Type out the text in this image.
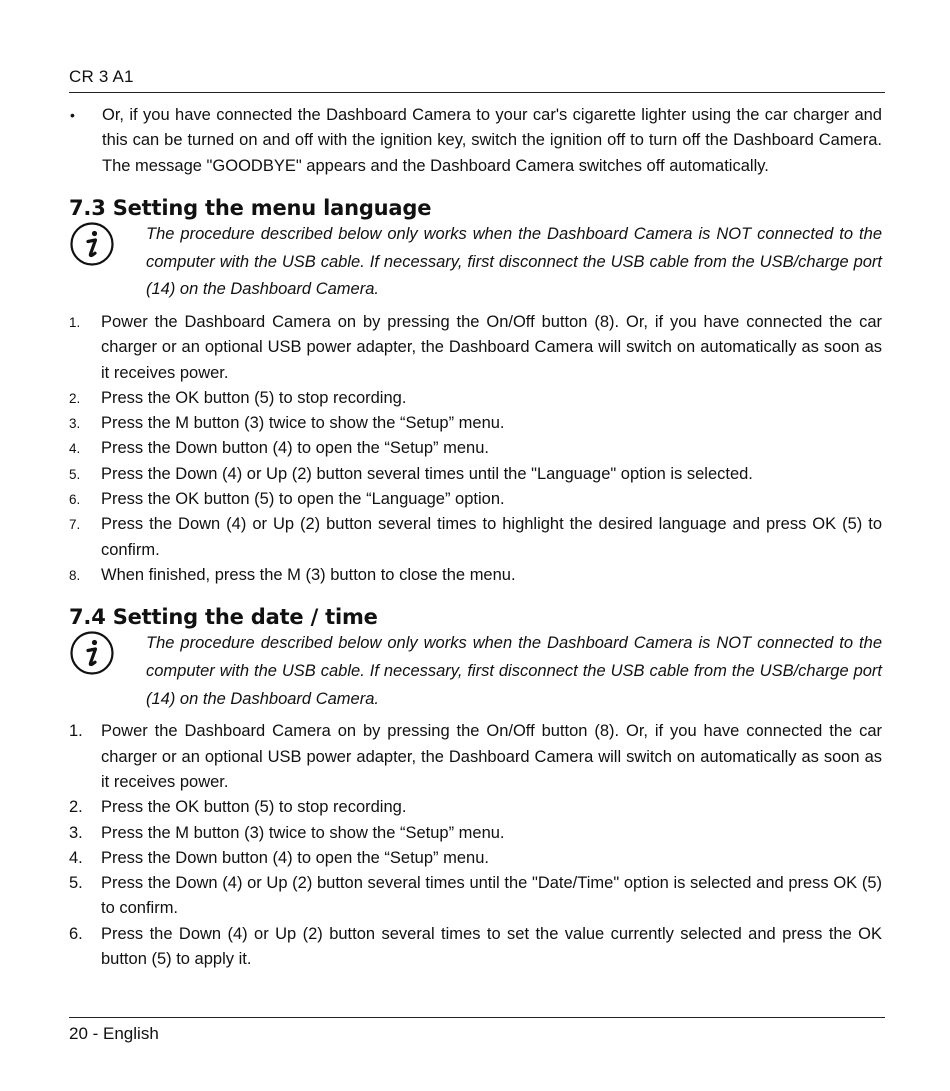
CR 3 A1
•	Or, if you have connected the Dashboard Camera to your car's cigarette lighter using the car charger and this can be turned on and off with the ignition key, switch the ignition off to turn off the Dashboard Camera. The message "GOODBYE" appears and the Dashboard Camera switches off automatically.
7.3 Setting the menu language
The procedure described below only works when the Dashboard Camera is NOT connected to the computer with the USB cable. If necessary, first disconnect the USB cable from the USB/charge port (14) on the Dashboard Camera.
1.	Power the Dashboard Camera on by pressing the On/Off button (8). Or, if you have connected the car charger or an optional USB power adapter, the Dashboard Camera will switch on automatically as soon as it receives power.
2.	Press the OK button (5) to stop recording.
3.	Press the M button (3) twice to show the “Setup” menu.
4.	Press the Down button (4) to open the “Setup” menu.
5.	Press the Down (4) or Up (2) button several times until the "Language" option is selected.
6.	Press the OK button (5) to open the “Language” option.
7.	Press the Down (4) or Up (2) button several times to highlight the desired language and press OK (5) to confirm.
8.	When finished, press the M (3) button to close the menu.
7.4 Setting the date / time
The procedure described below only works when the Dashboard Camera is NOT connected to the computer with the USB cable. If necessary, first disconnect the USB cable from the USB/charge port (14) on the Dashboard Camera.
1.	Power the Dashboard Camera on by pressing the On/Off button (8). Or, if you have connected the car charger or an optional USB power adapter, the Dashboard Camera will switch on automatically as soon as it receives power.
2.	Press the OK button (5) to stop recording.
3.	Press the M button (3) twice to show the “Setup” menu.
4.	Press the Down button (4) to open the “Setup” menu.
5.	Press the Down (4) or Up (2) button several times until the "Date/Time" option is selected and press OK (5) to confirm.
6.	Press the Down (4) or Up (2) button several times to set the value currently selected and press the OK button (5) to apply it.
20 - English
